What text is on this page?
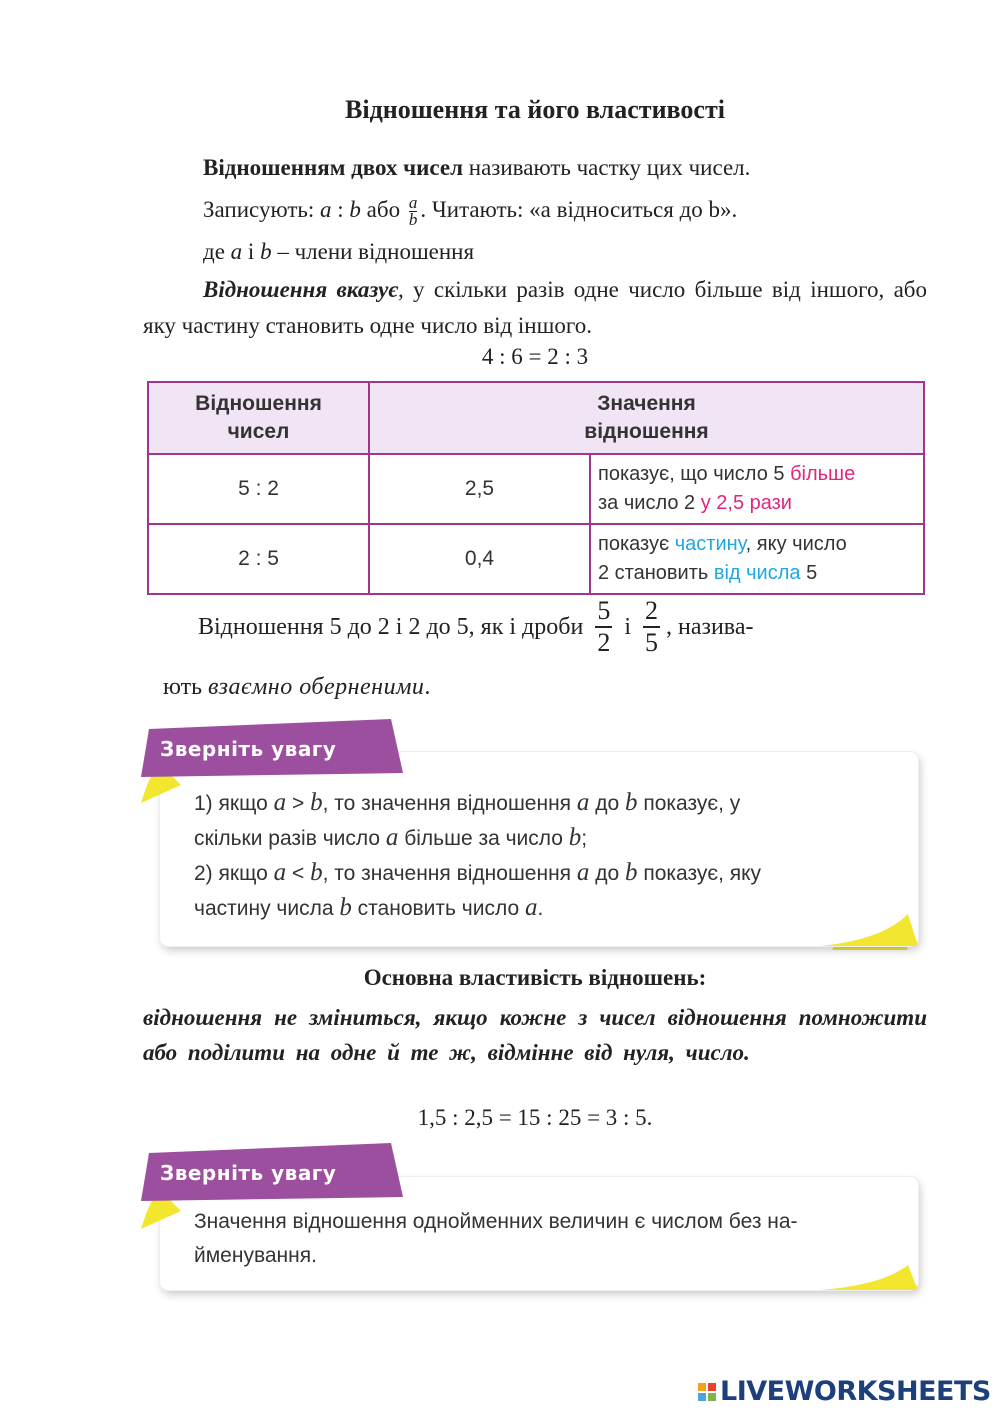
Відношення та його властивості
Відношенням двох чисел називають частку цих чисел.
Записують: a : b або $\frac{a}{b}$ . Читають: «а відноситься до b».
де a і b – члени відношення
Відношення вказує, у скільки разів одне число більше від іншого, або яку частину становить одне число від іншого.
4 : 6 = 2 : 3
Відношення чисел	Значення відношення	

5 : 2	2,5	показує, що число 5 більше
за число 2 у 2,5 рази
2 : 5	0,4	показує частину, яку число
2 становить від числа 5
Відношення 5 до 2 і 2 до 5, як і дроби $\frac{5}{2}$ і $\frac{2}{5}$ , назива-
ють взаємно оберненими.
1) якщо a > b, то значення відношення a до b показує, у
скільки разів число a більше за число b;
2) якщо a < b, то значення відношення a до b показує, яку
частину числа b становить число a.
Зверніть увагу
Основна властивість відношень:
відношення не зміниться, якщо кожне з чисел відношення помножити або поділити на одне й те ж, відмінне від нуля, число.
1,5 : 2,5 = 15 : 25 = 3 : 5.
Значення відношення однойменних величин є числом без на-
йменування.
Зверніть увагу
LIVEWORKSHEETS
